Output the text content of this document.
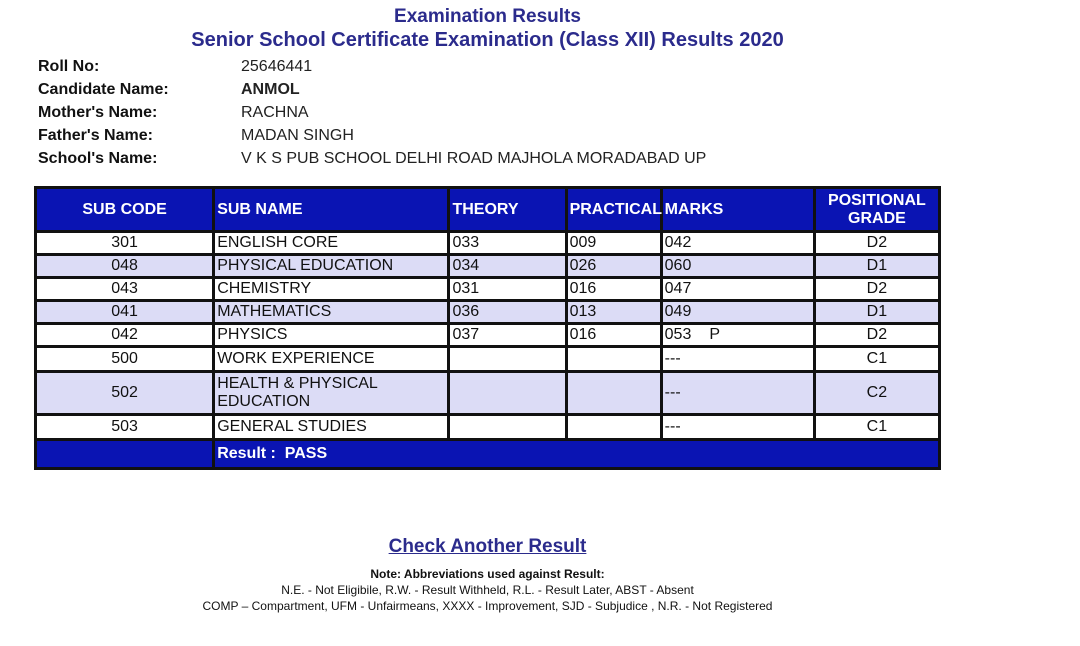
Examination Results
Senior School Certificate Examination (Class XII) Results 2020
Roll No:	25646441
Candidate Name:	ANMOL
Mother's Name:	RACHNA
Father's Name:	MADAN SINGH
School's Name:	V K S PUB SCHOOL DELHI ROAD MAJHOLA MORADABAD UP
SUB CODE	SUB NAME	THEORY	PRACTICAL	MARKS	POSITIONAL GRADE
301	ENGLISH CORE	033	009	042	D2
048	PHYSICAL EDUCATION	034	026	060	D1
043	CHEMISTRY	031	016	047	D2
041	MATHEMATICS	036	013	049	D1
042	PHYSICS	037	016	053 P	D2
500	WORK EXPERIENCE			---	C1
502	HEALTH & PHYSICAL EDUCATION			---	C2
503	GENERAL STUDIES			---	C1
	Result : PASS				
Check Another Result
Note: Abbreviations used against Result:
N.E. - Not Eligibile, R.W. - Result Withheld, R.L. - Result Later, ABST - Absent
COMP – Compartment, UFM - Unfairmeans, XXXX - Improvement, SJD - Subjudice , N.R. - Not Registered
